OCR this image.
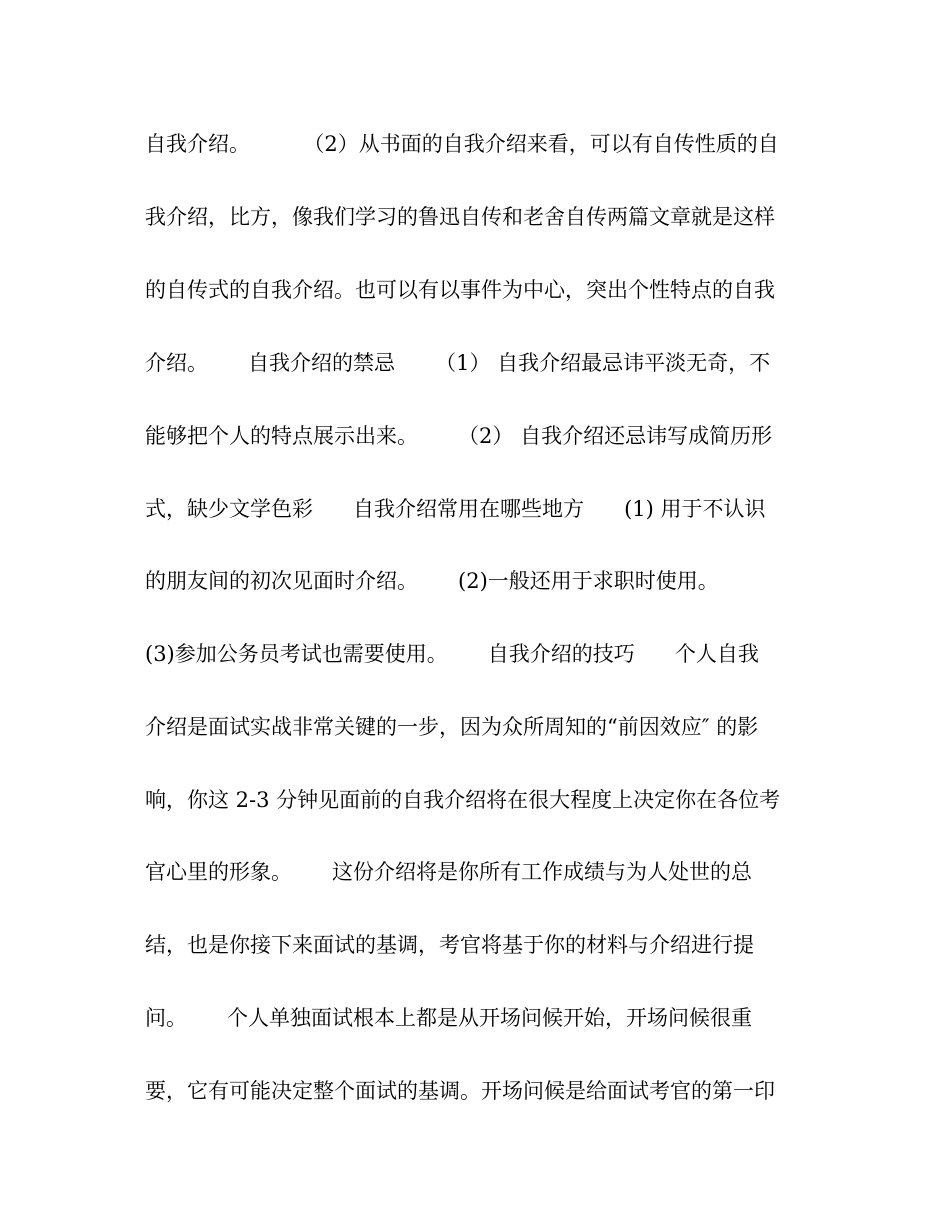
自我介绍。        （2）从书面的自我介绍来看，可以有自传性质的自
我介绍，比方，像我们学习的鲁迅自传和老舍自传两篇文章就是这样
的自传式的自我介绍。也可以有以事件为中心，突出个性特点的自我
介绍。      自我介绍的禁忌      （1） 自我介绍最忌讳平淡无奇，不
能够把个人的特点展示出来。      （2） 自我介绍还忌讳写成简历形
式，缺少文学色彩      自我介绍常用在哪些地方      (1) 用于不认识
的朋友间的初次见面时介绍。      (2)一般还用于求职时使用。
(3)参加公务员考试也需要使用。      自我介绍的技巧      个人自我
介绍是面试实战非常关键的一步，因为众所周知的“前因效应″ 的影
响，你这 2-3 分钟见面前的自我介绍将在很大程度上决定你在各位考
官心里的形象。      这份介绍将是你所有工作成绩与为人处世的总
结，也是你接下来面试的基调，考官将基于你的材料与介绍进行提
问。      个人单独面试根本上都是从开场问候开始，开场问候很重
要，它有可能决定整个面试的基调。开场问候是给面试考官的第一印
